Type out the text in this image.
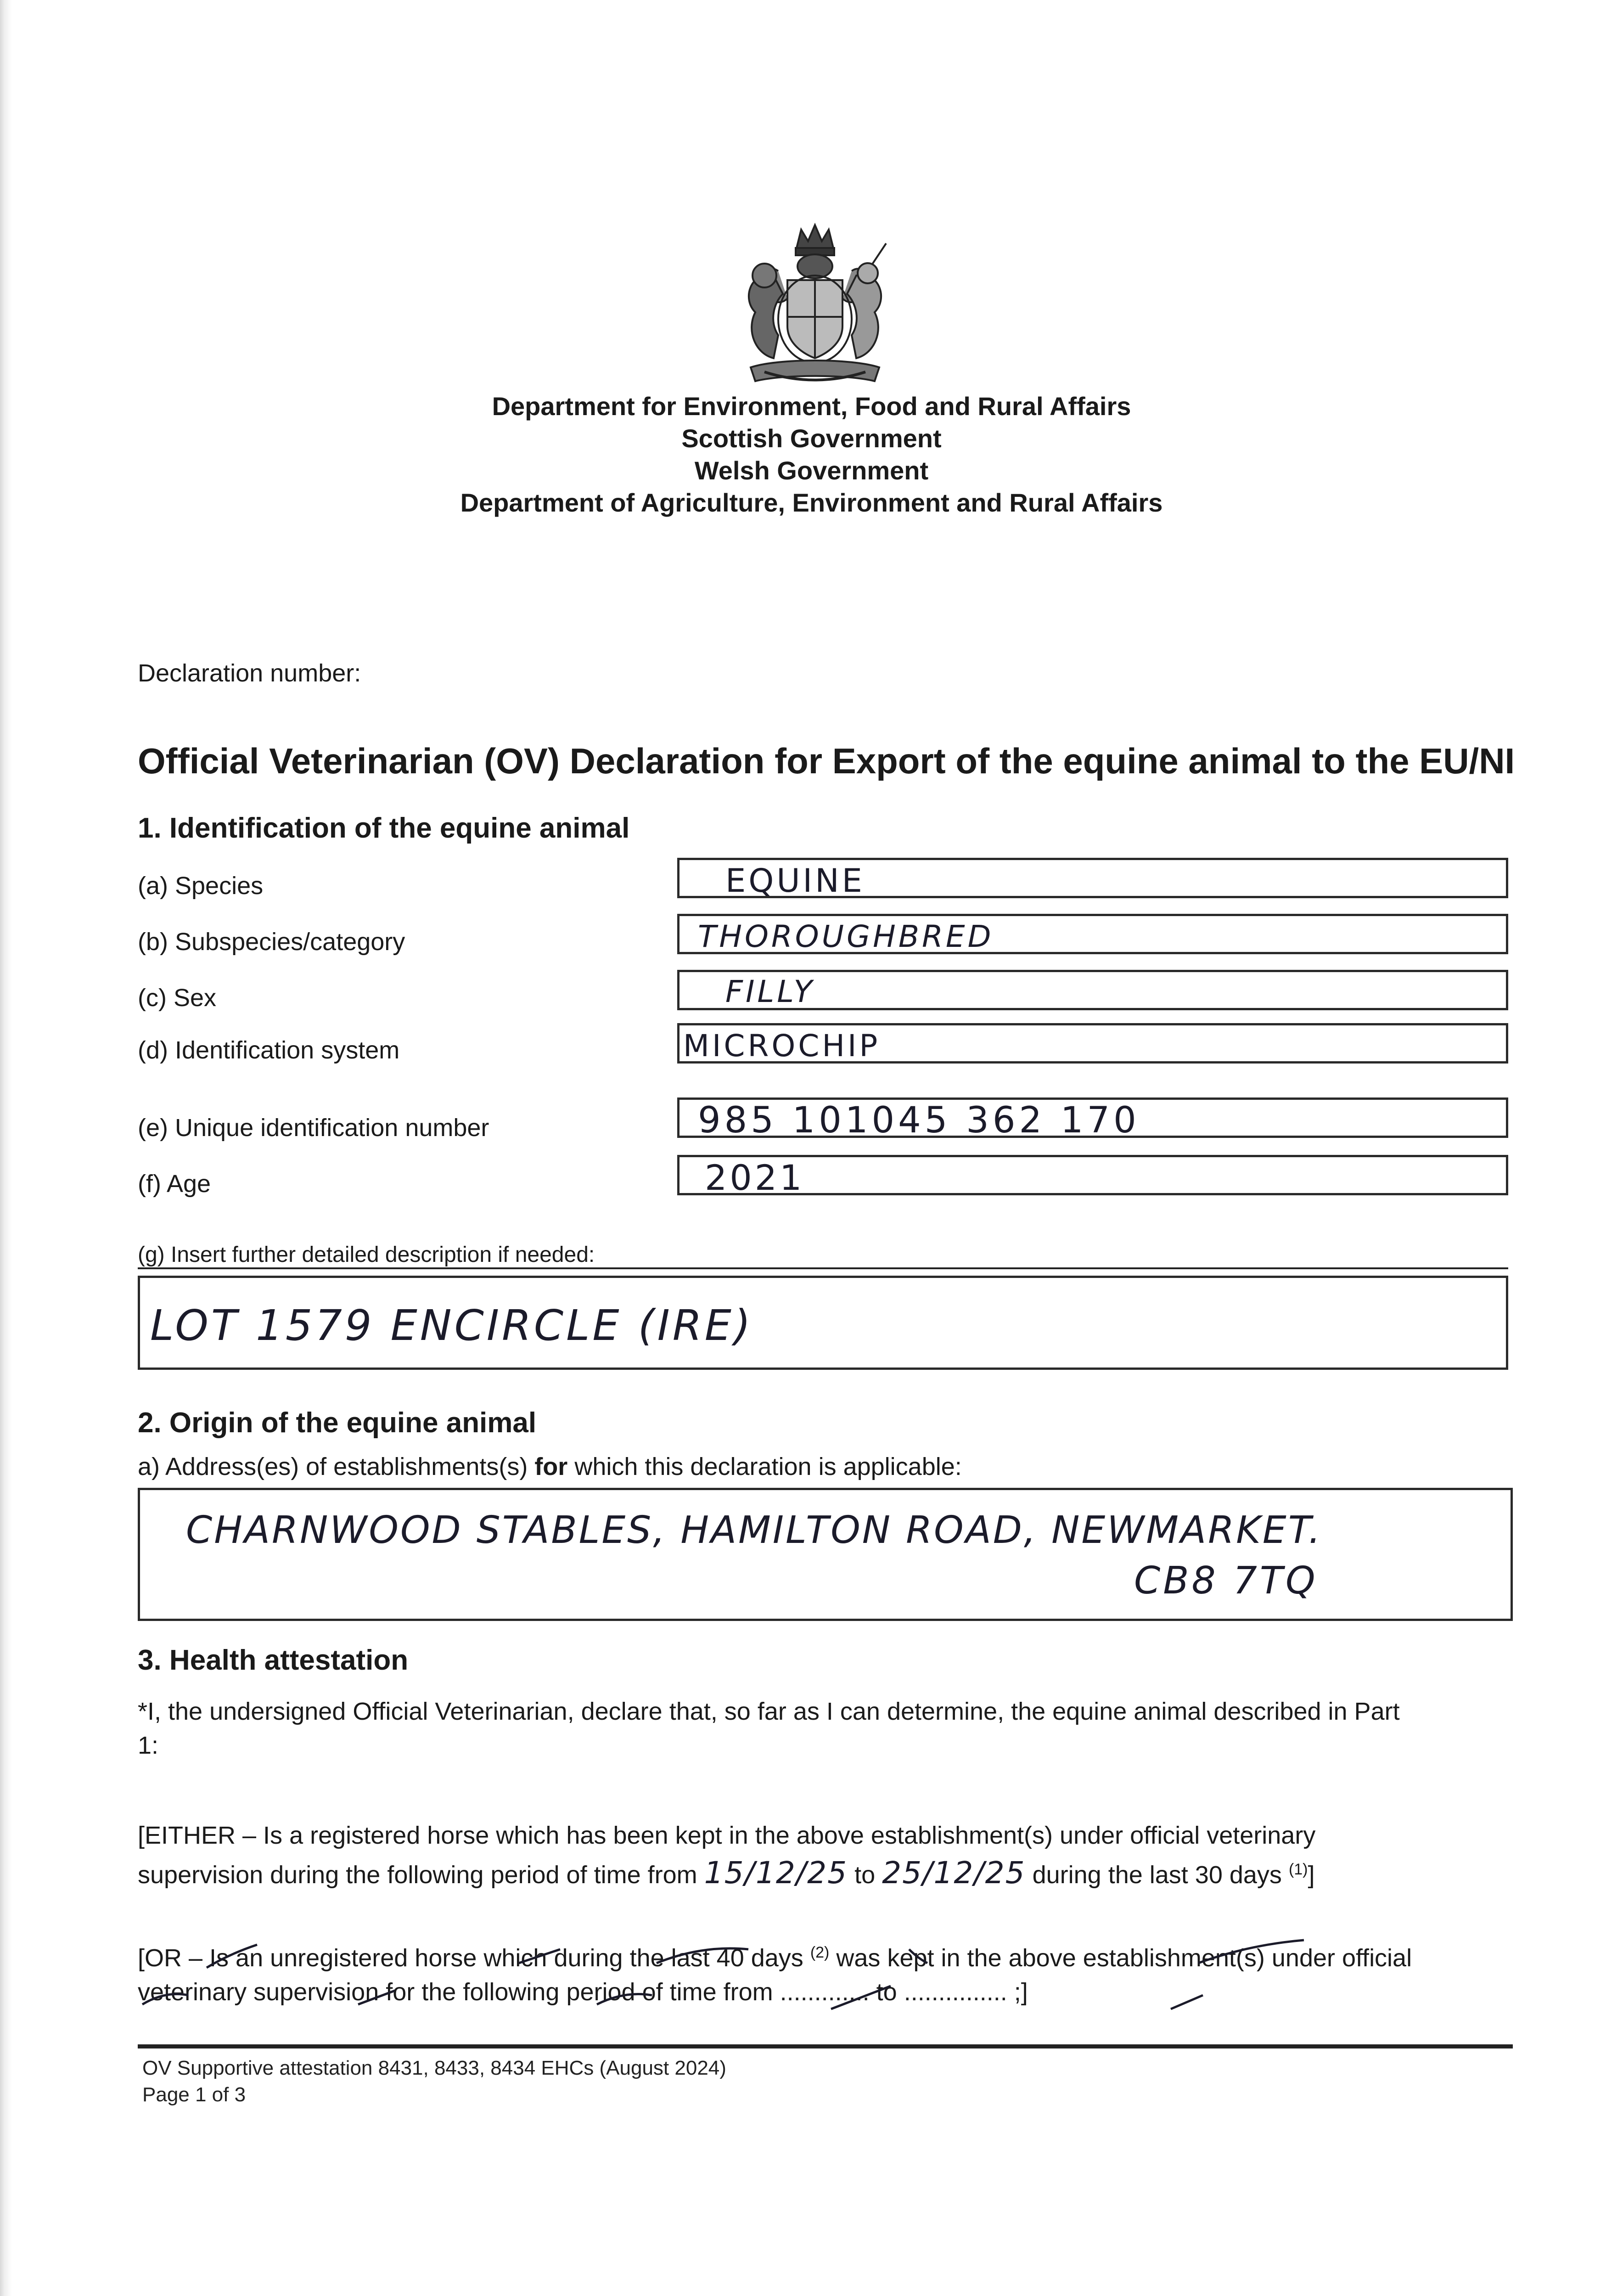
Department for Environment, Food and Rural Affairs
Scottish Government
Welsh Government
Department of Agriculture, Environment and Rural Affairs
Declaration number:
Official Veterinarian (OV) Declaration for Export of the equine animal to the EU/NI
1. Identification of the equine animal
(a) Species	EQUINE
(b) Subspecies/category	THOROUGHBRED
(c) Sex	FILLY
(d) Identification system	MICROCHIP
(e) Unique identification number	985 101045 362 170
(f) Age	2021
(g) Insert further detailed description if needed:
LOT 1579 ENCIRCLE (IRE)
2. Origin of the equine animal
a) Address(es) of establishments(s) for which this declaration is applicable:
CHARNWOOD STABLES, HAMILTON ROAD, NEWMARKET.
CB8 7TQ
3. Health attestation
*I, the undersigned Official Veterinarian, declare that, so far as I can determine, the equine animal described in Part
1:
[EITHER – Is a registered horse which has been kept in the above establishment(s) under official veterinary
supervision during the following period of time from 15/12/25 to 25/12/25 during the last 30 days $^{(1)}$]
[OR – Is an unregistered horse which during the last 40 days $^{(2)}$ was kept in the above establishment(s) under official
veterinary supervision for the following period of time from ............. to ............... ;]
OV Supportive attestation 8431, 8433, 8434 EHCs (August 2024)
Page 1 of 3
